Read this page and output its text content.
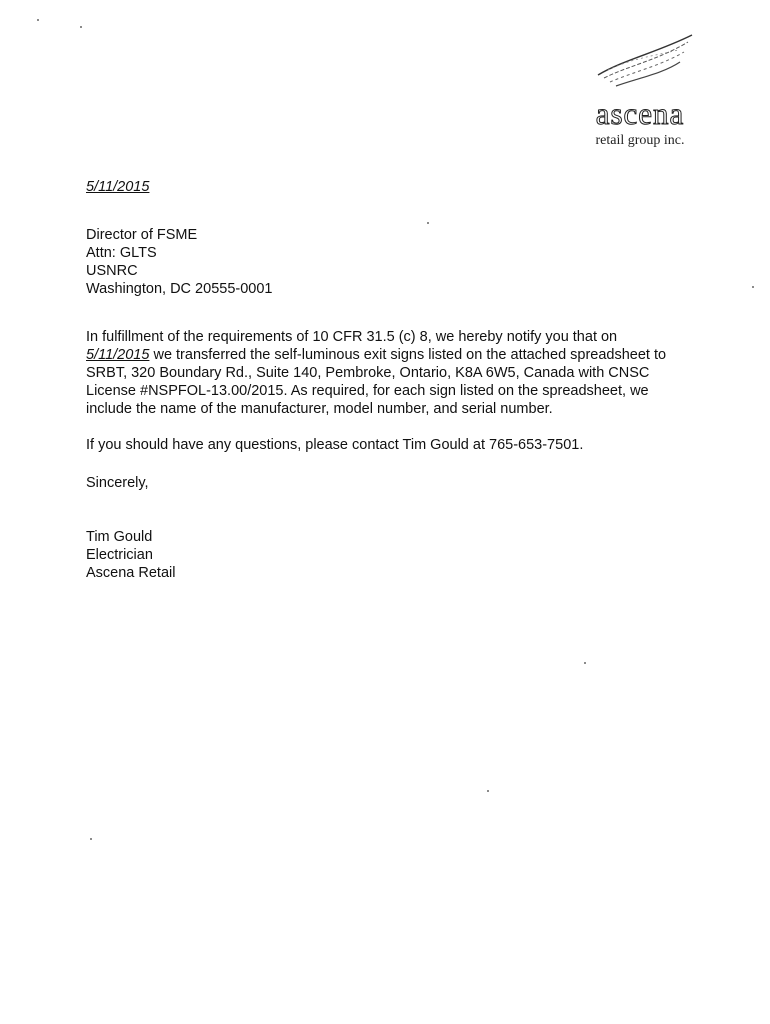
ascena
retail group inc.

5/11/2015

Director of FSME
Attn: GLTS
USNRC
Washington, DC 20555-0001

In fulfillment of the requirements of 10 CFR 31.5 (c) 8, we hereby notify you that on
5/11/2015 we transferred the self-luminous exit signs listed on the attached spreadsheet to SRBT, 320 Boundary Rd., Suite 140, Pembroke, Ontario, K8A 6W5, Canada with CNSC License #NSPFOL-13.00/2015. As required, for each sign listed on the spreadsheet, we include the name of the manufacturer, model number, and serial number.

If you should have any questions, please contact Tim Gould at 765-653-7501.

Sincerely,

Tim Gould
Electrician
Ascena Retail
